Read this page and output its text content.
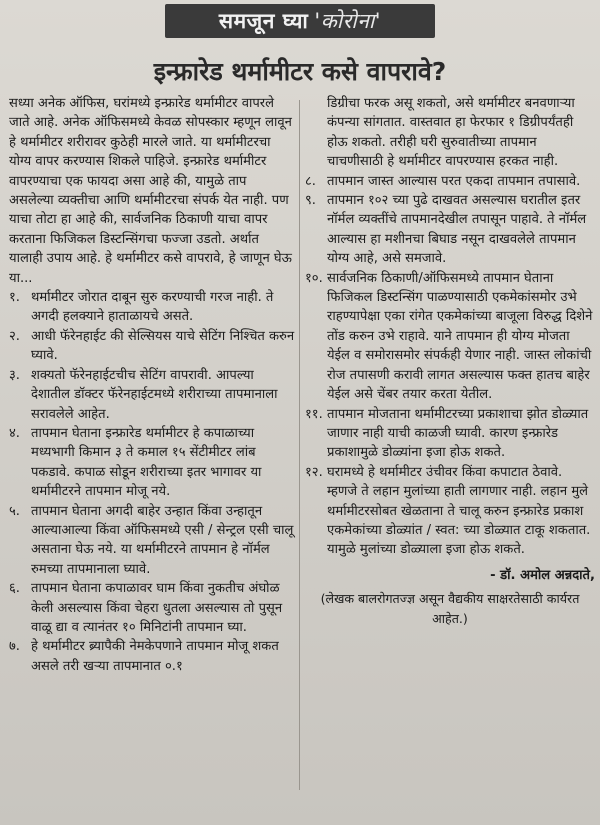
समजून घ्या 'कोरोना'
इन्फ्रारेड थर्मामीटर कसे वापरावे?

सध्या अनेक ऑफिस, घरांमध्ये इन्फ्रारेड थर्मामीटर वापरले जाते आहे. अनेक ऑफिसमध्ये केवळ सोपस्कार म्हणून लावून हे थर्मामीटर शरीरावर कुठेही मारले जाते. या थर्मामीटरचा योग्य वापर करण्यास शिकले पाहिजे. इन्फ्रारेड थर्मामीटर वापरण्याचा एक फायदा असा आहे की, यामुळे ताप असलेल्या व्यक्तीचा आणि थर्मामीटरचा संपर्क येत नाही. पण याचा तोटा हा आहे की, सार्वजनिक ठिकाणी याचा वापर करताना फिजिकल डिस्टन्सिंगचा फज्जा उडतो. अर्थात यालाही उपाय आहे. हे थर्मामीटर कसे वापरावे, हे जाणून घेऊ या...

१. थर्मामीटर जोरात दाबून सुरु करण्याची गरज नाही. ते अगदी हलक्याने हाताळायचे असते.
२. आधी फॅरेनहाईट की सेल्सियस याचे सेटिंग निश्चित करुन घ्यावे.
३. शक्यतो फॅरेनहाईटचीच सेटिंग वापरावी. आपल्या देशातील डॉक्टर फॅरेनहाईटमध्ये शरीराच्या तापमानाला सरावलेले आहेत.
४. तापमान घेताना इन्फ्रारेड थर्मामीटर हे कपाळाच्या मध्यभागी किमान ३ ते कमाल १५ सेंटीमीटर लांब पकडावे. कपाळ सोडून शरीराच्या इतर भागावर या थर्मामीटरने तापमान मोजू नये.
५. तापमान घेताना अगदी बाहेर उन्हात किंवा उन्हातून आल्याआल्या किंवा ऑफिसमध्ये एसी / सेन्ट्रल एसी चालू असताना घेऊ नये. या थर्मामीटरने तापमान हे नॉर्मल रुमच्या तापमानाला घ्यावे.
६. तापमान घेताना कपाळावर घाम किंवा नुकतीच अंघोळ केली असल्यास किंवा चेहरा धुतला असल्यास तो पुसून वाळू द्या व त्यानंतर १० मिनिटांनी तापमान घ्या.
७. हे थर्मामीटर ब्र्यापैकी नेमकेपणाने तापमान मोजू शकत असले तरी खऱ्या तापमानात ०.१

डिग्रीचा फरक असू शकतो, असे थर्मामीटर बनवणाऱ्या कंपन्या सांगतात. वास्तवात हा फेरफार १ डिग्रीपर्यंतही होऊ शकतो. तरीही घरी सुरुवातीच्या तापमान चाचणीसाठी हे थर्मामीटर वापरण्यास हरकत नाही.

८. तापमान जास्त आल्यास परत एकदा तापमान तपासावे.
९. तापमान १०२ च्या पुढे दाखवत असल्यास घरातील इतर नॉर्मल व्यक्तींचे तापमानदेखील तपासून पाहावे. ते नॉर्मल आल्यास हा मशीनचा बिघाड नसून दाखवलेले तापमान योग्य आहे, असे समजावे.
१०. सार्वजनिक ठिकाणी/ऑफिसमध्ये तापमान घेताना फिजिकल डिस्टन्सिंग पाळण्यासाठी एकमेकांसमोर उभे राहण्यापेक्षा एका रांगेत एकमेकांच्या बाजूला विरुद्ध दिशेने तोंड करुन उभे राहावे. याने तापमान ही योग्य मोजता येईल व समोरासमोर संपर्कही येणार नाही. जास्त लोकांची रोज तपासणी करावी लागत असल्यास फक्त हातच बाहेर येईल असे चेंबर तयार करता येतील.
११. तापमान मोजताना थर्मामीटरच्या प्रकाशाचा झोत डोळ्यात जाणार नाही याची काळजी घ्यावी. कारण इन्फ्रारेड प्रकाशामुळे डोळ्यांना इजा होऊ शकते.
१२. घरामध्ये हे थर्मामीटर उंचीवर किंवा कपाटात ठेवावे. म्हणजे ते लहान मुलांच्या हाती लागणार नाही. लहान मुले थर्मामीटरसोबत खेळताना ते चालू करुन इन्फ्रारेड प्रकाश एकमेकांच्या डोळ्यांत / स्वत: च्या डोळ्यात टाकू शकतात. यामुळे मुलांच्या डोळ्याला इजा होऊ शकते.

- डॉ. अमोल अन्नदाते,

(लेखक बालरोगतज्ज्ञ असून वैद्यकीय साक्षरतेसाठी कार्यरत आहेत.)
